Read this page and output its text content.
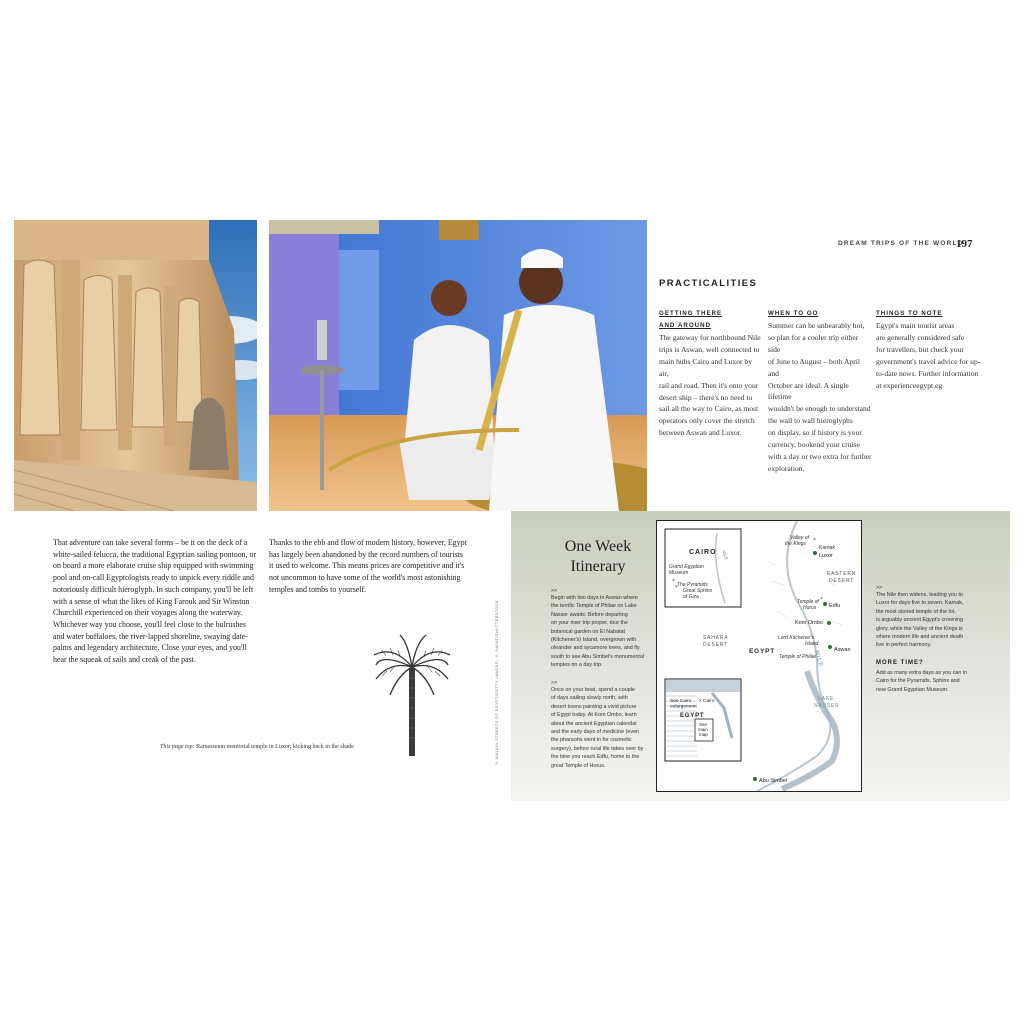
DREAM TRIPS OF THE WORLD
197
PRACTICALITIES
GETTING THERE
AND AROUND
The gateway for northbound Nile
trips is Aswan, well connected to
main hubs Cairo and Luxor by air,
rail and road. Then it's onto your
desert ship – there's no need to
sail all the way to Cairo, as most
operators only cover the stretch
between Aswan and Luxor.
WHEN TO GO
Summer can be unbearably hot,
so plan for a cooler trip either side
of June to August – both April and
October are ideal. A single lifetime
wouldn't be enough to understand
the wall to wall hieroglyphs
on display, so if history is your
currency, bookend your cruise
with a day or two extra for further
exploration.
THINGS TO NOTE
Egypt's main tourist areas
are generally considered safe
for travellers, but check your
government's travel advice for up-
to-date news. Further information
at experienceegypt.eg
That adventure can take several forms – be it on the deck of a
white-sailed felucca, the traditional Egyptian sailing pontoon, or
on board a more elaborate cruise ship equipped with swimming
pool and on-call Egyptologists ready to unpick every riddle and
notoriously difficult hieroglyph. In such company, you'll be left
with a sense of what the likes of King Farouk and Sir Winston
Churchill experienced on their voyages along the waterway.
Whichever way you choose, you'll feel close to the bulrushes
and water buffaloes, the river-lapped shoreline, swaying date-
palms and legendary architecture. Close your eyes, and you'll
hear the squeak of sails and creak of the past.
Thanks to the ebb and flow of modern history, however, Egypt
has largely been abandoned by the record numbers of tourists
it used to welcome. This means prices are competitive and it's
not uncommon to have some of the world's most astonishing
temples and tombs to yourself.
This page top: Ramesseum memorial temple in Luxor; kicking back in the shade	© WALKIN STREETS OF EGYPT/GETTY IMAGES; © NAPAT/SHUTTERSTOCK
One Week
Itinerary
>>
Begin with two days in Aswan where
the terrific Temple of Philae on Lake
Nasser awaits. Before departing
on your river trip proper, tour the
botanical garden on El Nabatat
(Kitchener's) Island, overgrown with
oleander and sycamore trees, and fly
south to see Abu Simbel's monumental
temples on a day trip.
>>
Once on your boat, spend a couple
of days sailing slowly north, with
desert towns painting a vivid picture
of Egypt today. At Kom Ombo, learn
about the ancient Egyptian calendar
and the early days of medicine (even
the pharaohs went in for cosmetic
surgery), before rural life takes over by
the time you reach Edfu, home to the
great Temple of Horus.
>>
The Nile then widens, leading you to
Luxor for days five to seven. Karnak,
the most storied temple of the lot,
is arguably ancient Egypt's crowning
glory, while the Valley of the Kings is
where modern life and ancient death
live in perfect harmony.
MORE TIME?
Add as many extra days as you can in
Cairo for the Pyramids, Sphinx and
new Grand Egyptian Museum.
CAIRO NILE
Grand Egyptian Museum
The Pyramids Great Sphinx of Giza
×
×
Valley of the Kings
×
Karnak
Luxor
EASTERN DESERT
Temple of Horus
×
Edfu
SAHARA DESERT
NILE
Kom Ombo
Lord Kitchener's Island
Aswan
EGYPT
Temple of Philae
LAKE NASSER
Abu Simbel
See Cairo enlargement
× Cairo
EGYPT
See main map
